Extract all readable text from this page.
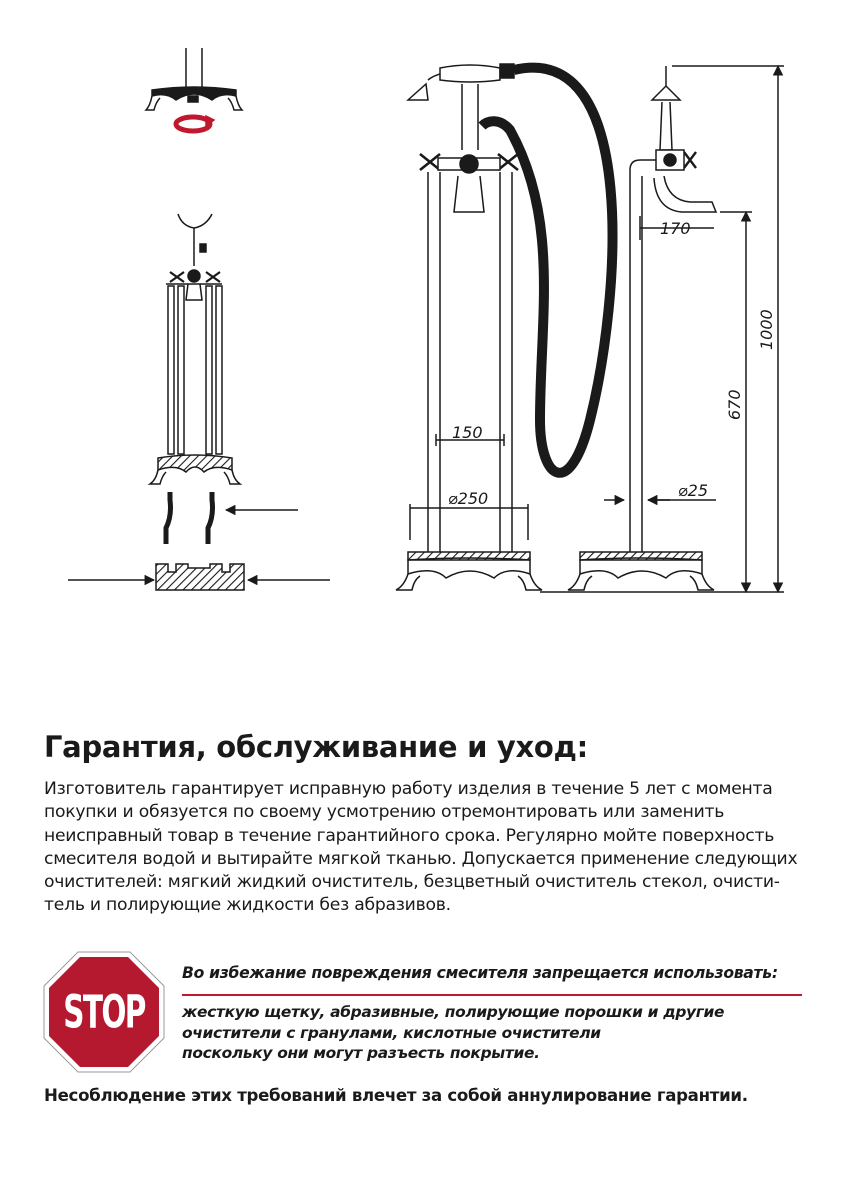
150
⌀250
170
⌀25
670
1000
Гарантия, обслуживание и уход:
Изготовитель гарантирует исправную работу изделия в течение 5 лет с момента
покупки и обязуется по своему усмотрению отремонтировать или заменить
неисправный товар в течение гарантийного срока. Регулярно мойте поверхность
смесителя водой и вытирайте мягкой тканью. Допускается применение следующих
очистителей: мягкий жидкий очиститель, безцветный очиститель стекол, очисти-
тель и полирующие жидкости без абразивов.
STOP
Во избежание повреждения смесителя запрещается использовать:
жесткую щетку, абразивные, полирующие порошки и другие
очистители с гранулами, кислотные очистители
поскольку они могут разъесть покрытие.
Несоблюдение этих требований влечет за собой аннулирование гарантии.
